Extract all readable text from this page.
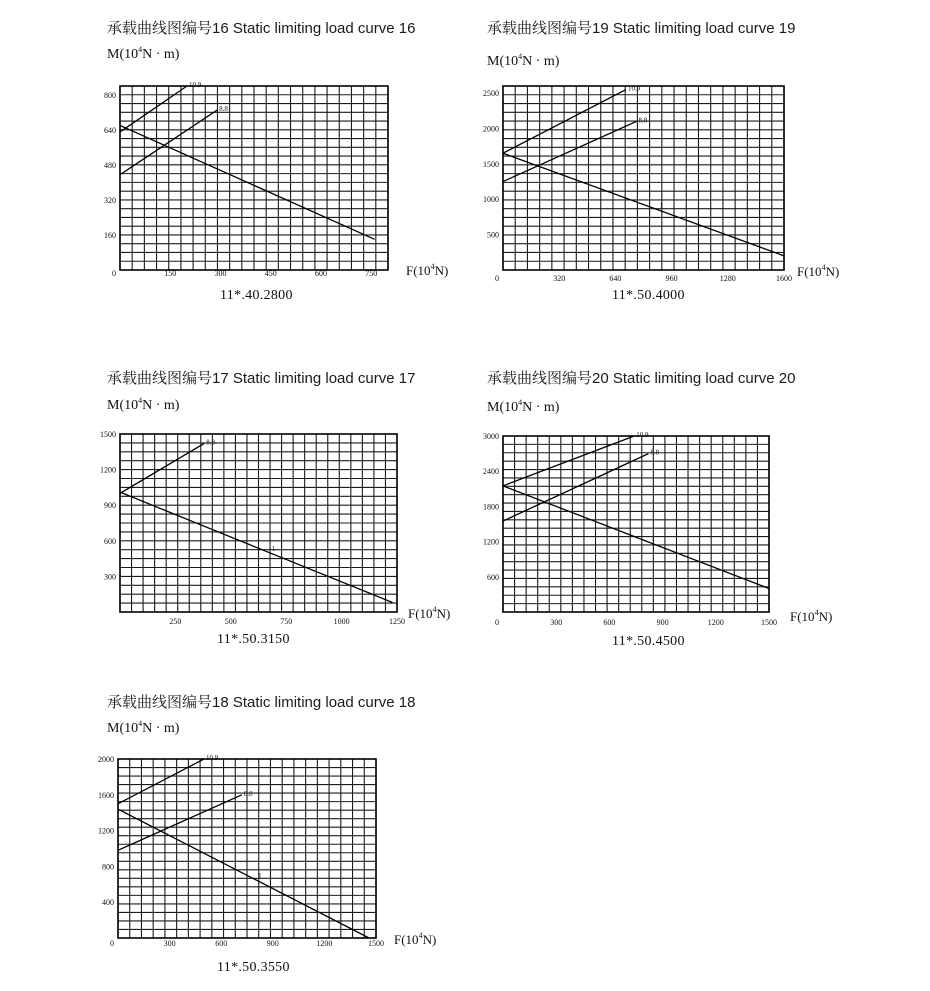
承载曲线图编号16 Static limiting load curve 16
$M(10^4N \cdot m)$
160
320
480
640
800
0	150	300	450	600	750
10.9
8.8
$F(10^4N)$
11*.40.2800
承载曲线图编号19 Static limiting load curve 19
$M(10^4N \cdot m)$
500
1000
1500
2000
2500
0	320	640	960	1280	1600
10.9
8.8
1
$F(10^4N)$
11*.50.4000
承载曲线图编号17 Static limiting load curve 17
$M(10^4N \cdot m)$
300
600
900
1200
1500
250	500	750	1000	1250
8.8
1
$F(10^4N)$
11*.50.3150
承载曲线图编号20 Static limiting load curve 20
$M(10^4N \cdot m)$
600
1200
1800
2400
3000
0	300	600	900	1200	1500
10.9
8.8
1
$F(10^4N)$
11*.50.4500
承载曲线图编号18 Static limiting load curve 18
$M(10^4N \cdot m)$
400
800
1200
1600
2000
0	300	600	900	1200	1500
10.9
8.8
1
$F(10^4N)$
11*.50.3550
